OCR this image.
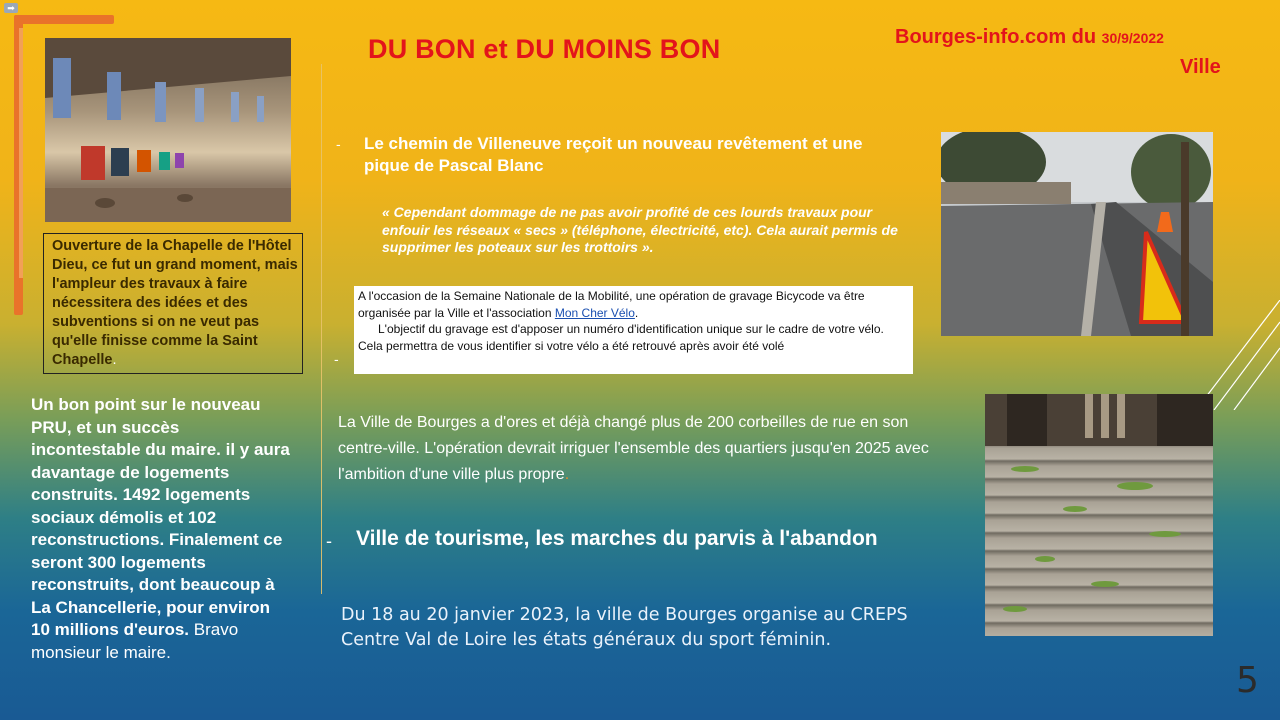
➡
DU BON et DU MOINS BON	Bourges-info.com du 30/9/2022
Ville
Ouverture de la Chapelle de l'Hôtel Dieu, ce fut un grand moment, mais l'ampleur des travaux à faire nécessitera des idées et des subventions si on ne veut pas qu'elle finisse comme la Saint Chapelle.
Un bon point sur le nouveau PRU, et un succès incontestable du maire. il y aura davantage de logements construits. 1492 logements sociaux démolis et 102 reconstructions. Finalement ce seront 300 logements reconstruits, dont beaucoup à La Chancellerie, pour environ 10 millions d'euros. Bravo monsieur le maire.
- Le chemin de Villeneuve reçoit un nouveau revêtement et une pique de Pascal Blanc
« Cependant dommage de ne pas avoir profité de ces lourds travaux pour enfouir les réseaux « secs » (téléphone, électricité, etc). Cela aurait permis de supprimer les poteaux sur les trottoirs ».
-
A l'occasion de la Semaine Nationale de la Mobilité, une opération de gravage Bicycode va être organisée par la Ville et l'association Mon Cher Vélo.
L'objectif du gravage est d'apposer un numéro d'identification unique sur le cadre de votre vélo. Cela permettra de vous identifier si votre vélo a été retrouvé après avoir été volé
La Ville de Bourges a d'ores et déjà changé plus de 200 corbeilles de rue en son centre-ville. L'opération devrait irriguer l'ensemble des quartiers jusqu'en 2025 avec l'ambition d'une ville plus propre.
- Ville de tourisme, les marches du parvis à l'abandon
Du 18 au 20 janvier 2023, la ville de Bourges organise au CREPS Centre Val de Loire les états généraux du sport féminin.
5
